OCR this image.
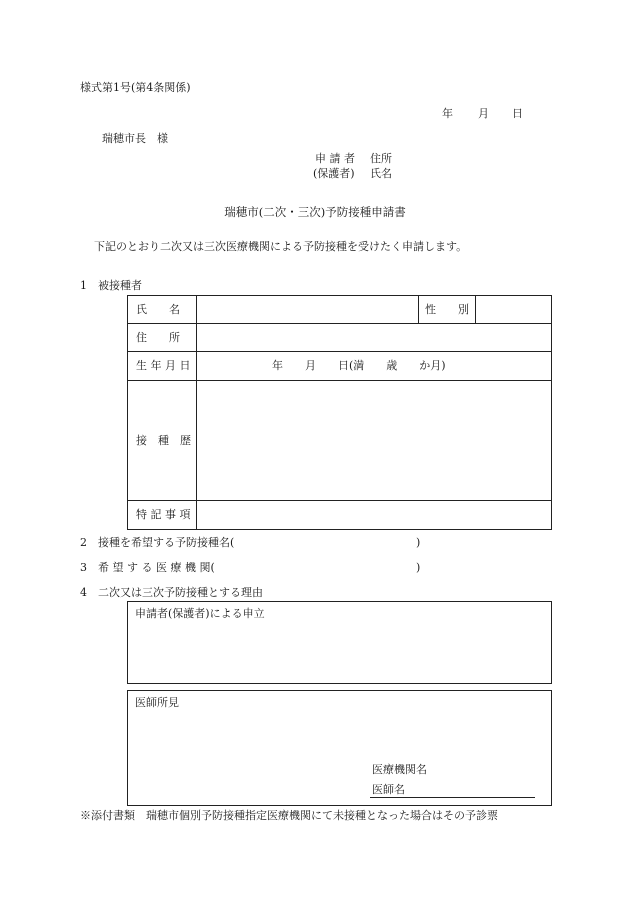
様式第1号(第4条関係)
年 月 日
瑞穂市長　様
申 請 者 住所
(保護者) 氏名
瑞穂市(二次・三次)予防接種申請書
下記のとおり二次又は三次医療機関による予防接種を受けたく申請します。
1　被接種者
氏　　名	性　　別
住　　所
生 年 月 日	年　　月　　日(満　　歳　　か月)
接　種　歴
特 記 事 項
2　接種を希望する予防接種名(	)
3　希 望 す る 医 療 機 関(	)
4　二次又は三次予防接種とする理由
申請者(保護者)による申立
医師所見
医療機関名
医師名
※添付書類　瑞穂市個別予防接種指定医療機関にて未接種となった場合はその予診票
